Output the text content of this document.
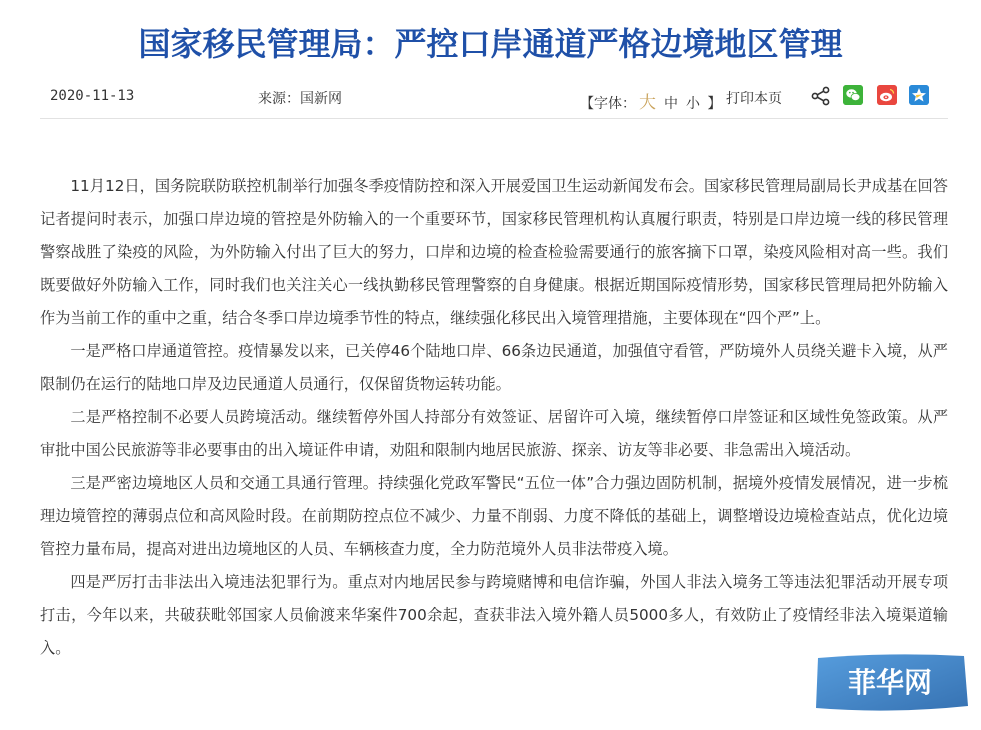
国家移民管理局：严控口岸通道严格边境地区管理
2020-11-13	来源：国新网	【字体： 大 中 小 】 打印本页

11月12日，国务院联防联控机制举行加强冬季疫情防控和深入开展爱国卫生运动新闻发布会。国家移民管理局副局长尹成基在回答记者提问时表示，加强口岸边境的管控是外防输入的一个重要环节，国家移民管理机构认真履行职责，特别是口岸边境一线的移民管理警察战胜了染疫的风险，为外防输入付出了巨大的努力，口岸和边境的检查检验需要通行的旅客摘下口罩，染疫风险相对高一些。我们既要做好外防输入工作，同时我们也关注关心一线执勤移民管理警察的自身健康。根据近期国际疫情形势，国家移民管理局把外防输入作为当前工作的重中之重，结合冬季口岸边境季节性的特点，继续强化移民出入境管理措施，主要体现在“四个严”上。

一是严格口岸通道管控。疫情暴发以来，已关停46个陆地口岸、66条边民通道，加强值守看管，严防境外人员绕关避卡入境，从严限制仍在运行的陆地口岸及边民通道人员通行，仅保留货物运转功能。

二是严格控制不必要人员跨境活动。继续暂停外国人持部分有效签证、居留许可入境，继续暂停口岸签证和区域性免签政策。从严审批中国公民旅游等非必要事由的出入境证件申请，劝阻和限制内地居民旅游、探亲、访友等非必要、非急需出入境活动。

三是严密边境地区人员和交通工具通行管理。持续强化党政军警民“五位一体”合力强边固防机制，据境外疫情发展情况，进一步梳理边境管控的薄弱点位和高风险时段。在前期防控点位不减少、力量不削弱、力度不降低的基础上，调整增设边境检查站点，优化边境管控力量布局，提高对进出边境地区的人员、车辆核查力度，全力防范境外人员非法带疫入境。

四是严厉打击非法出入境违法犯罪行为。重点对内地居民参与跨境赌博和电信诈骗，外国人非法入境务工等违法犯罪活动开展专项打击，今年以来，共破获毗邻国家人员偷渡来华案件700余起，查获非法入境外籍人员5000多人，有效防止了疫情经非法入境渠道输入。

菲华网
